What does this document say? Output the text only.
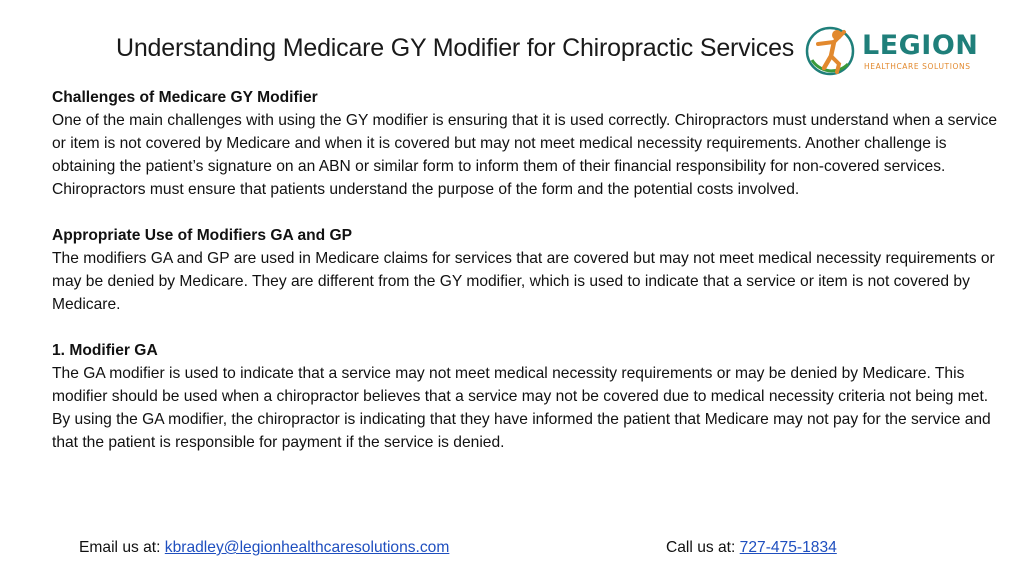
Understanding Medicare GY Modifier for Chiropractic Services	LEGION
HEALTHCARE SOLUTIONS
Challenges of Medicare GY Modifier
One of the main challenges with using the GY modifier is ensuring that it is used correctly. Chiropractors must understand when a service or item is not covered by Medicare and when it is covered but may not meet medical necessity requirements. Another challenge is obtaining the patient’s signature on an ABN or similar form to inform them of their financial responsibility for non-covered services. Chiropractors must ensure that patients understand the purpose of the form and the potential costs involved.
Appropriate Use of Modifiers GA and GP
The modifiers GA and GP are used in Medicare claims for services that are covered but may not meet medical necessity requirements or may be denied by Medicare. They are different from the GY modifier, which is used to indicate that a service or item is not covered by Medicare.
1. Modifier GA
The GA modifier is used to indicate that a service may not meet medical necessity requirements or may be denied by Medicare. This modifier should be used when a chiropractor believes that a service may not be covered due to medical necessity criteria not being met. By using the GA modifier, the chiropractor is indicating that they have informed the patient that Medicare may not pay for the service and that the patient is responsible for payment if the service is denied.
Email us at: kbradley@legionhealthcaresolutions.com	Call us at: 727-475-1834
